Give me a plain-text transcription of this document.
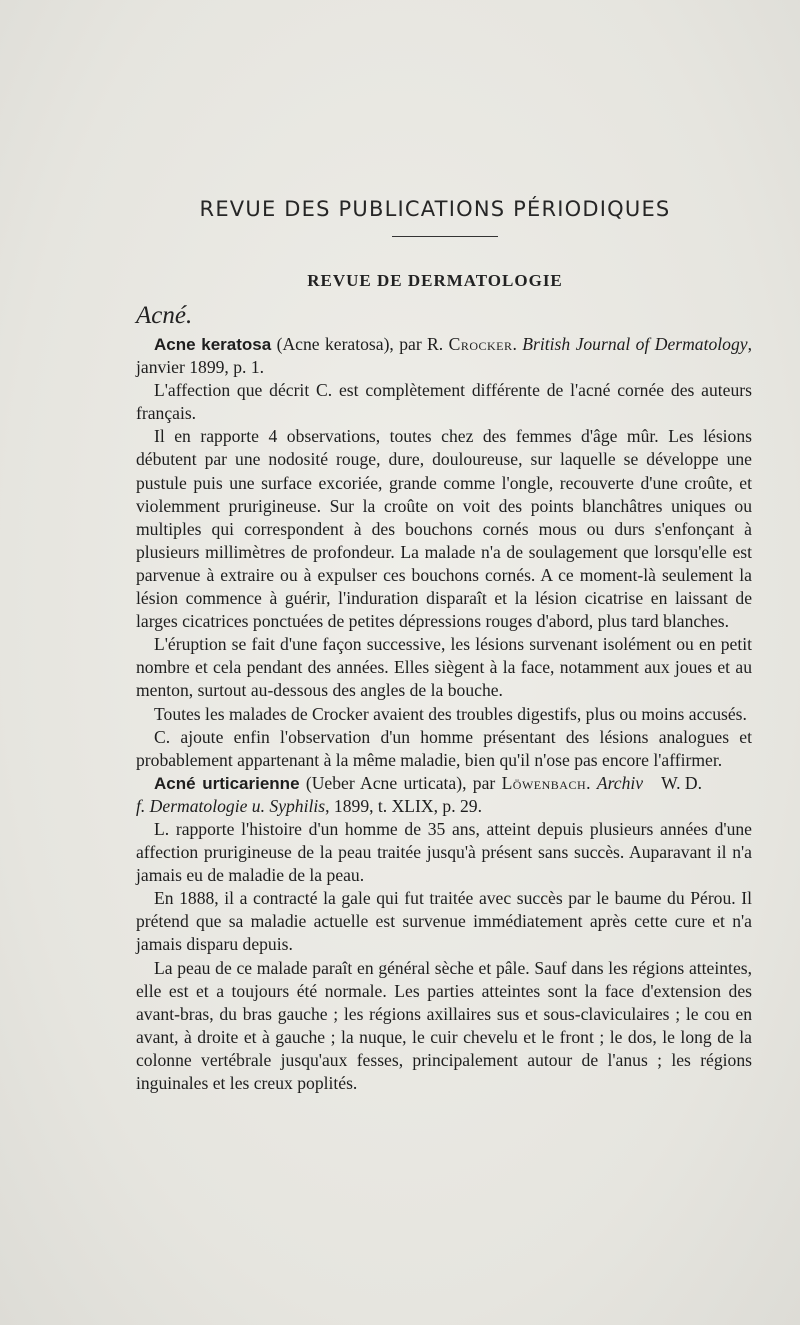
REVUE DES PUBLICATIONS PÉRIODIQUES
REVUE DE DERMATOLOGIE
Acné.

Acne keratosa (Acne keratosa), par R. Crocker. British Journal of Dermatology, janvier 1899, p. 1.

L'affection que décrit C. est complètement différente de l'acné cornée des auteurs français.

Il en rapporte 4 observations, toutes chez des femmes d'âge mûr. Les lésions débutent par une nodosité rouge, dure, douloureuse, sur laquelle se développe une pustule puis une surface excoriée, grande comme l'ongle, recouverte d'une croûte, et violemment prurigineuse. Sur la croûte on voit des points blanchâtres uniques ou multiples qui correspondent à des bouchons cornés mous ou durs s'enfonçant à plusieurs millimètres de profondeur. La malade n'a de soulagement que lorsqu'elle est parvenue à extraire ou à expulser ces bouchons cornés. A ce moment-là seulement la lésion commence à guérir, l'induration disparaît et la lésion cicatrise en laissant de larges cicatrices ponctuées de petites dépressions rouges d'abord, plus tard blanches.

L'éruption se fait d'une façon successive, les lésions survenant isolément ou en petit nombre et cela pendant des années. Elles siègent à la face, notamment aux joues et au menton, surtout au-dessous des angles de la bouche.

Toutes les malades de Crocker avaient des troubles digestifs, plus ou moins accusés.

C. ajoute enfin l'observation d'un homme présentant des lésions analogues et probablement appartenant à la même maladie, bien qu'il n'ose pas encore l'affirmer.
W. D.

Acné urticarienne (Ueber Acne urticata), par Löwenbach. Archiv f. Dermatologie u. Syphilis, 1899, t. XLIX, p. 29.

L. rapporte l'histoire d'un homme de 35 ans, atteint depuis plusieurs années d'une affection prurigineuse de la peau traitée jusqu'à présent sans succès. Auparavant il n'a jamais eu de maladie de la peau.

En 1888, il a contracté la gale qui fut traitée avec succès par le baume du Pérou. Il prétend que sa maladie actuelle est survenue immédiatement après cette cure et n'a jamais disparu depuis.

La peau de ce malade paraît en général sèche et pâle. Sauf dans les régions atteintes, elle est et a toujours été normale. Les parties atteintes sont la face d'extension des avant-bras, du bras gauche ; les régions axillaires sus et sous-claviculaires ; le cou en avant, à droite et à gauche ; la nuque, le cuir chevelu et le front ; le dos, le long de la colonne vertébrale jusqu'aux fesses, principalement autour de l'anus ; les régions inguinales et les creux poplités.
